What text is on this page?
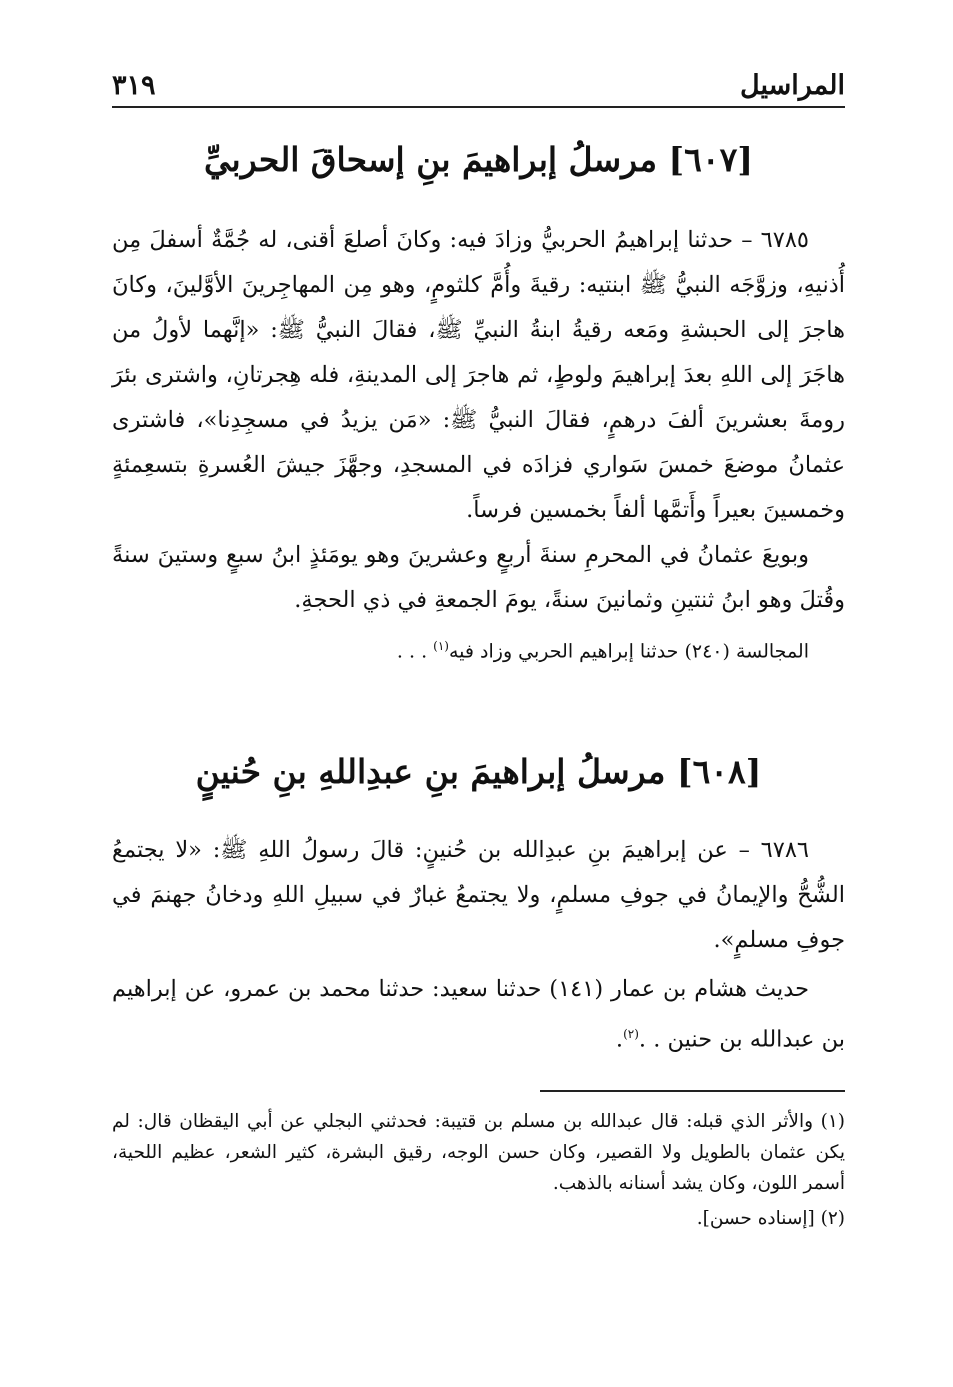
المراسيل
٣١٩
[٦٠٧] مرسلُ إبراهيمَ بنِ إسحاقَ الحربيِّ

٦٧٨٥ – حدثنا إبراهيمُ الحربيُّ وزادَ فيه: وكانَ أصلعَ أقنى، له جُمَّةٌ أسفلَ مِن أُذنيهِ، وزوَّجَه النبيُّ ﷺ ابنتيه: رقيةَ وأُمَّ كلثومٍ، وهو مِن المهاجِرينَ الأوَّلينَ، وكانَ هاجرَ إلى الحبشةِ ومَعه رقيةُ ابنةُ النبيِّ ﷺ، فقالَ النبيُّ ﷺ: «إنَّهما لأولُ من هاجَرَ إلى اللهِ بعدَ إبراهيمَ ولوطٍ، ثم هاجرَ إلى المدينةِ، فله هِجرتانِ، واشترى بئرَ رومةَ بعشرينَ ألفَ درهمٍ، فقالَ النبيُّ ﷺ: «مَن يزيدُ في مسجِدِنا»، فاشترى عثمانُ موضعَ خمسَ سَواري فزادَه في المسجدِ، وجهَّزَ جيشَ العُسرةِ بتسعِمئةٍ وخمسينَ بعيراً وأَتمَّها ألفاً بخمسين فرساً.

وبويعَ عثمانُ في المحرمِ سنةَ أربعٍ وعشرينَ وهو يومَئذٍ ابنُ سبعٍ وستينَ سنةً وقُتلَ وهو ابنُ ثنتينِ وثمانينَ سنةً، يومَ الجمعةِ في ذي الحجةِ.

المجالسة (٢٤٠) حدثنا إبراهيم الحربي وزاد فيه$^{(١)}$ . . .

[٦٠٨] مرسلُ إبراهيمَ بنِ عبدِاللهِ بنِ حُنينٍ

٦٧٨٦ – عن إبراهيمَ بنِ عبدِالله بن حُنينٍ: قالَ رسولُ اللهِ ﷺ: «لا يجتمعُ الشُّحُّ والإيمانُ في جوفِ مسلمٍ، ولا يجتمعُ غبارٌ في سبيلِ اللهِ ودخانُ جهنمَ في جوفِ مسلمٍ».

حديث هشام بن عمار (١٤١) حدثنا سعيد: حدثنا محمد بن عمرو، عن إبراهيم بن عبدالله بن حنين . .$^{(٢)}$.

(١) والأثر الذي قبله: قال عبدالله بن مسلم بن قتيبة: فحدثني البجلي عن أبي اليقظان قال: لم يكن عثمان بالطويل ولا القصير، وكان حسن الوجه، رقيق البشرة، كثير الشعر، عظيم اللحية، أسمر اللون، وكان يشد أسنانه بالذهب.

(٢) [إسناده حسن].
